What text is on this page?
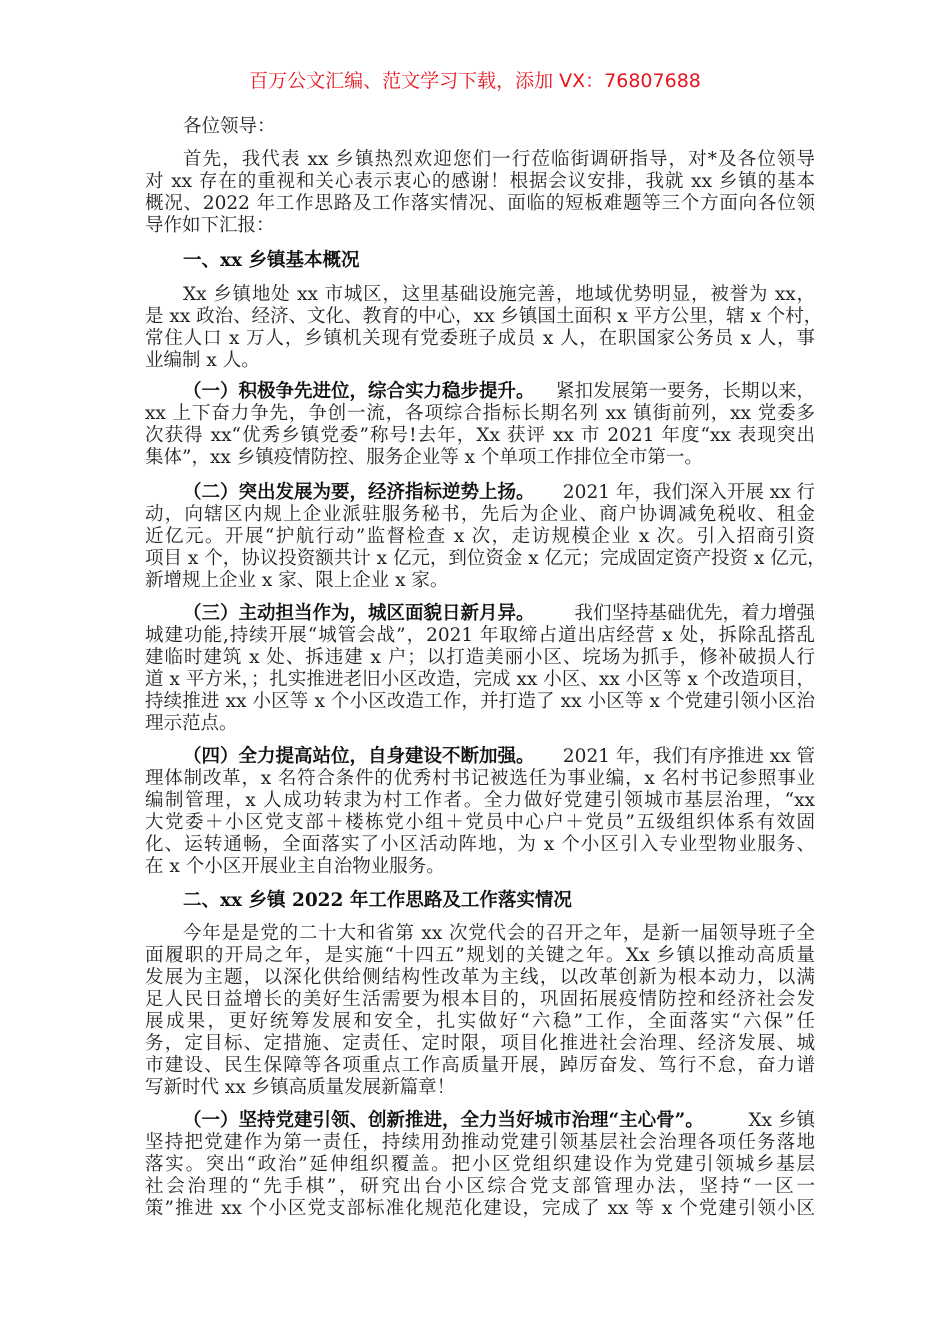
百万公文汇编、范文学习下载，添加 VX：76807688
各位领导：
首先，我代表 xx 乡镇热烈欢迎您们一行莅临街调研指导，对*及各位领导
对 xx 存在的重视和关心表示衷心的感谢！根据会议安排，我就 xx 乡镇的基本
概况、2022 年工作思路及工作落实情况、面临的短板难题等三个方面向各位领
导作如下汇报：
一、xx 乡镇基本概况
Xx 乡镇地处 xx 市城区，这里基础设施完善，地域优势明显，被誉为 xx，
是 xx 政治、经济、文化、教育的中心，xx 乡镇国土面积 x 平方公里，辖 x 个村，
常住人口 x 万人，乡镇机关现有党委班子成员 x 人，在职国家公务员 x 人，事
业编制 x 人。
（一）积极争先进位，综合实力稳步提升。 紧扣发展第一要务，长期以来，
xx 上下奋力争先，争创一流，各项综合指标长期名列 xx 镇街前列，xx 党委多
次获得 xx“优秀乡镇党委”称号!去年，Xx 获评 xx 市 2021 年度“xx 表现突出
集体”，xx 乡镇疫情防控、服务企业等 x 个单项工作排位全市第一。
（二）突出发展为要，经济指标逆势上扬。 2021 年，我们深入开展 xx 行
动，向辖区内规上企业派驻服务秘书，先后为企业、商户协调减免税收、租金
近亿元。开展“护航行动”监督检查 x 次，走访规模企业 x 次。引入招商引资
项目 x 个，协议投资额共计 x 亿元，到位资金 x 亿元；完成固定资产投资 x 亿元，
新增规上企业 x 家、限上企业 x 家。
（三）主动担当作为，城区面貌日新月异。 我们坚持基础优先，着力增强
城建功能,持续开展“城管会战”，2021 年取缔占道出店经营 x 处，拆除乱搭乱
建临时建筑 x 处、拆违建 x 户；以打造美丽小区、垸场为抓手，修补破损人行
道 x 平方米，；扎实推进老旧小区改造，完成 xx 小区、xx 小区等 x 个改造项目，
持续推进 xx 小区等 x 个小区改造工作，并打造了 xx 小区等 x 个党建引领小区治
理示范点。
（四）全力提高站位，自身建设不断加强。 2021 年，我们有序推进 xx 管
理体制改革，x 名符合条件的优秀村书记被选任为事业编，x 名村书记参照事业
编制管理，x 人成功转隶为村工作者。全力做好党建引领城市基层治理，“xx
大党委＋小区党支部＋楼栋党小组＋党员中心户＋党员”五级组织体系有效固
化、运转通畅，全面落实了小区活动阵地，为 x 个小区引入专业型物业服务、
在 x 个小区开展业主自治物业服务。
二、xx 乡镇 2022 年工作思路及工作落实情况
今年是是党的二十大和省第 xx 次党代会的召开之年，是新一届领导班子全
面履职的开局之年，是实施“十四五”规划的关键之年。Xx 乡镇以推动高质量
发展为主题，以深化供给侧结构性改革为主线，以改革创新为根本动力，以满
足人民日益增长的美好生活需要为根本目的，巩固拓展疫情防控和经济社会发
展成果，更好统筹发展和安全，扎实做好“六稳”工作，全面落实“六保”任
务，定目标、定措施、定责任、定时限，项目化推进社会治理、经济发展、城
市建设、民生保障等各项重点工作高质量开展，踔厉奋发、笃行不怠，奋力谱
写新时代 xx 乡镇高质量发展新篇章！
（一）坚持党建引领、创新推进，全力当好城市治理“主心骨”。 Xx 乡镇
坚持把党建作为第一责任，持续用劲推动党建引领基层社会治理各项任务落地
落实。突出“政治”延伸组织覆盖。把小区党组织建设作为党建引领城乡基层
社会治理的“先手棋”，研究出台小区综合党支部管理办法，坚持“一区一
策”推进 xx 个小区党支部标准化规范化建设，完成了 xx 等 x 个党建引领小区
